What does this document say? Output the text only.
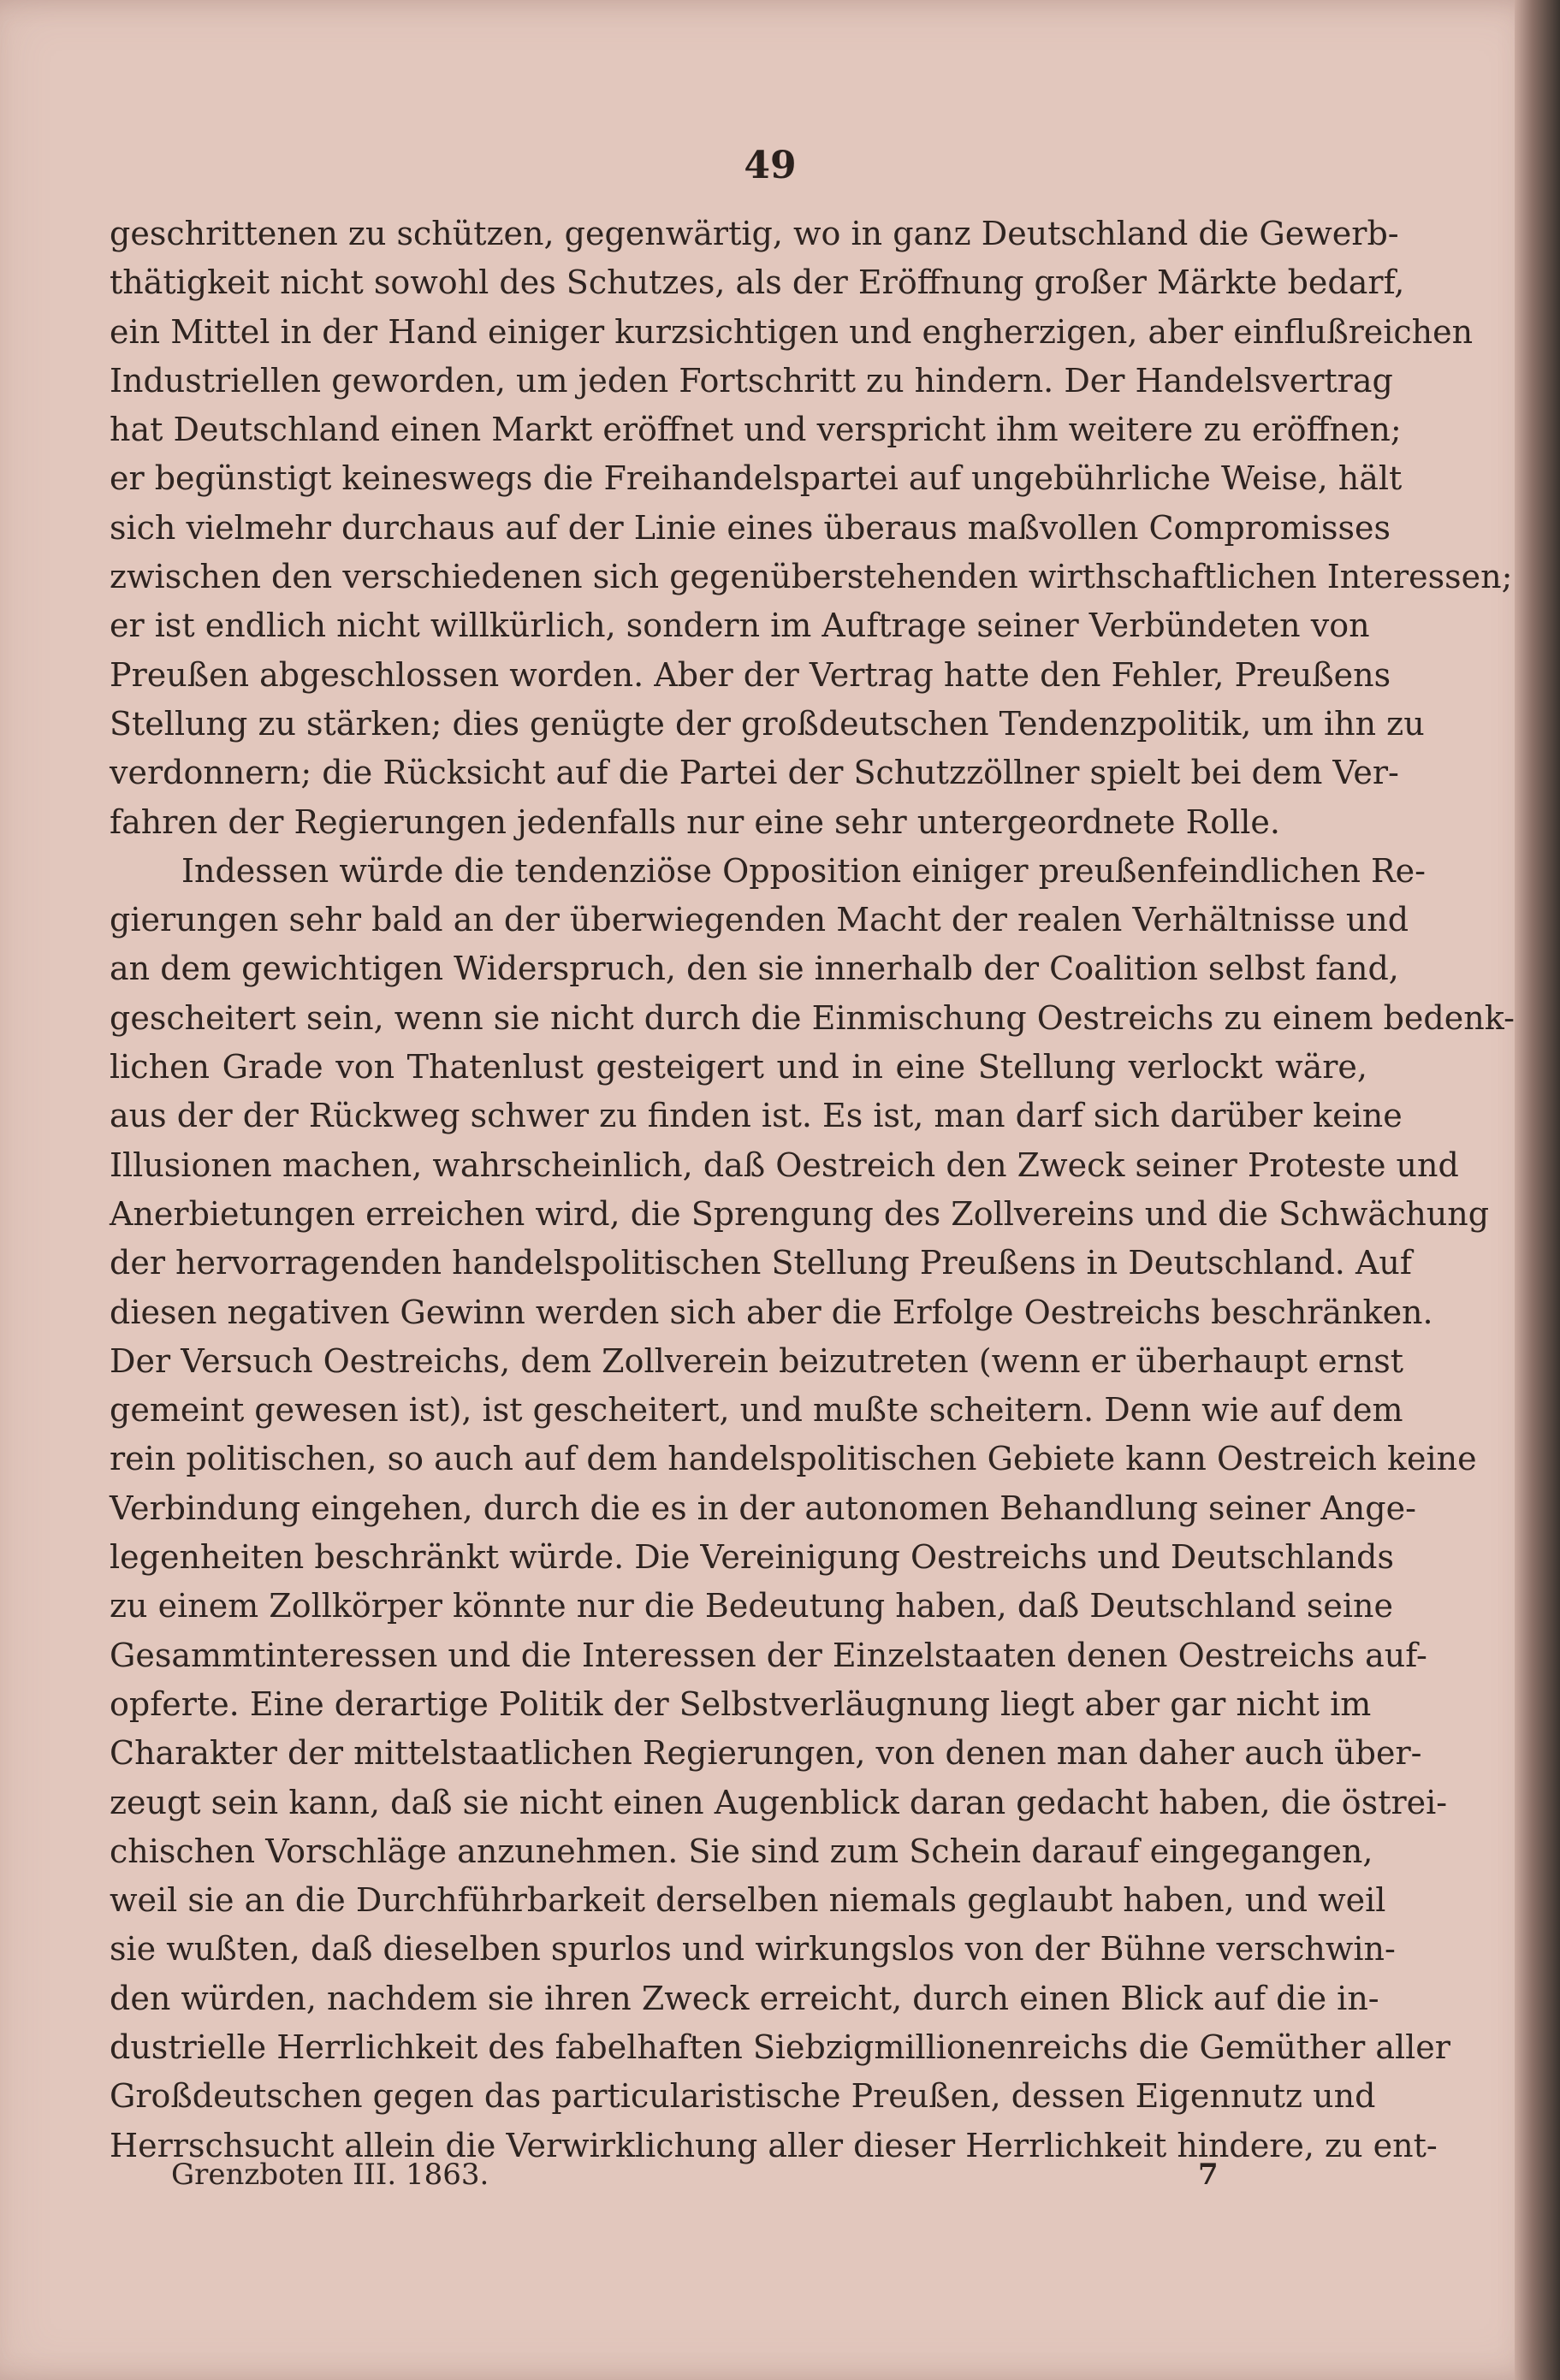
49
geschrittenen zu schützen, gegenwärtig, wo in ganz Deutschland die Gewerb-
thätigkeit nicht sowohl des Schutzes, als der Eröffnung großer Märkte bedarf,
ein Mittel in der Hand einiger kurzsichtigen und engherzigen, aber einflußreichen
Industriellen geworden, um jeden Fortschritt zu hindern. Der Handelsvertrag
hat Deutschland einen Markt eröffnet und verspricht ihm weitere zu eröffnen;
er begünstigt keineswegs die Freihandelspartei auf ungebührliche Weise, hält
sich vielmehr durchaus auf der Linie eines überaus maßvollen Compromisses
zwischen den verschiedenen sich gegenüberstehenden wirthschaftlichen Interessen;
er ist endlich nicht willkürlich, sondern im Auftrage seiner Verbündeten von
Preußen abgeschlossen worden. Aber der Vertrag hatte den Fehler, Preußens
Stellung zu stärken; dies genügte der großdeutschen Tendenzpolitik, um ihn zu
verdonnern; die Rücksicht auf die Partei der Schutzzöllner spielt bei dem Ver-
fahren der Regierungen jedenfalls nur eine sehr untergeordnete Rolle.
Indessen würde die tendenziöse Opposition einiger preußenfeindlichen Re-
gierungen sehr bald an der überwiegenden Macht der realen Verhältnisse und
an dem gewichtigen Widerspruch, den sie innerhalb der Coalition selbst fand,
gescheitert sein, wenn sie nicht durch die Einmischung Oestreichs zu einem bedenk-
lichen Grade von Thatenlust gesteigert und in eine Stellung verlockt wäre,
aus der der Rückweg schwer zu finden ist. Es ist, man darf sich darüber keine
Illusionen machen, wahrscheinlich, daß Oestreich den Zweck seiner Proteste und
Anerbietungen erreichen wird, die Sprengung des Zollvereins und die Schwächung
der hervorragenden handelspolitischen Stellung Preußens in Deutschland. Auf
diesen negativen Gewinn werden sich aber die Erfolge Oestreichs beschränken.
Der Versuch Oestreichs, dem Zollverein beizutreten (wenn er überhaupt ernst
gemeint gewesen ist), ist gescheitert, und mußte scheitern. Denn wie auf dem
rein politischen, so auch auf dem handelspolitischen Gebiete kann Oestreich keine
Verbindung eingehen, durch die es in der autonomen Behandlung seiner Ange-
legenheiten beschränkt würde. Die Vereinigung Oestreichs und Deutschlands
zu einem Zollkörper könnte nur die Bedeutung haben, daß Deutschland seine
Gesammtinteressen und die Interessen der Einzelstaaten denen Oestreichs auf-
opferte. Eine derartige Politik der Selbstverläugnung liegt aber gar nicht im
Charakter der mittelstaatlichen Regierungen, von denen man daher auch über-
zeugt sein kann, daß sie nicht einen Augenblick daran gedacht haben, die östrei-
chischen Vorschläge anzunehmen. Sie sind zum Schein darauf eingegangen,
weil sie an die Durchführbarkeit derselben niemals geglaubt haben, und weil
sie wußten, daß dieselben spurlos und wirkungslos von der Bühne verschwin-
den würden, nachdem sie ihren Zweck erreicht, durch einen Blick auf die in-
dustrielle Herrlichkeit des fabelhaften Siebzigmillionenreichs die Gemüther aller
Großdeutschen gegen das particularistische Preußen, dessen Eigennutz und
Herrschsucht allein die Verwirklichung aller dieser Herrlichkeit hindere, zu ent-
Grenzboten III. 1863.	7
